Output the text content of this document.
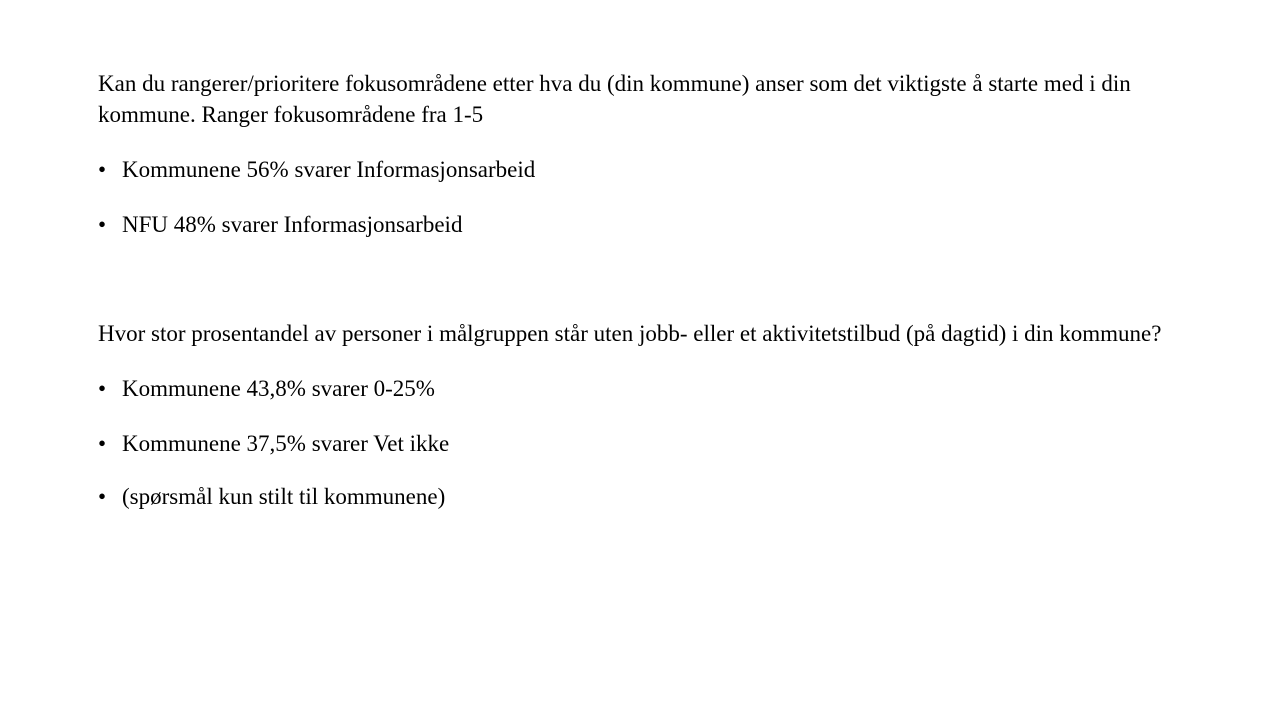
Kan du rangerer/prioritere fokusområdene etter hva du (din kommune) anser som det viktigste å starte med i din kommune. Ranger fokusområdene fra 1-5

• Kommunene 56% svarer Informasjonsarbeid
• NFU 48% svarer Informasjonsarbeid

Hvor stor prosentandel av personer i målgruppen står uten jobb- eller et aktivitetstilbud (på dagtid) i din kommune?

• Kommunene 43,8% svarer 0-25%
• Kommunene 37,5% svarer Vet ikke
• (spørsmål kun stilt til kommunene)
